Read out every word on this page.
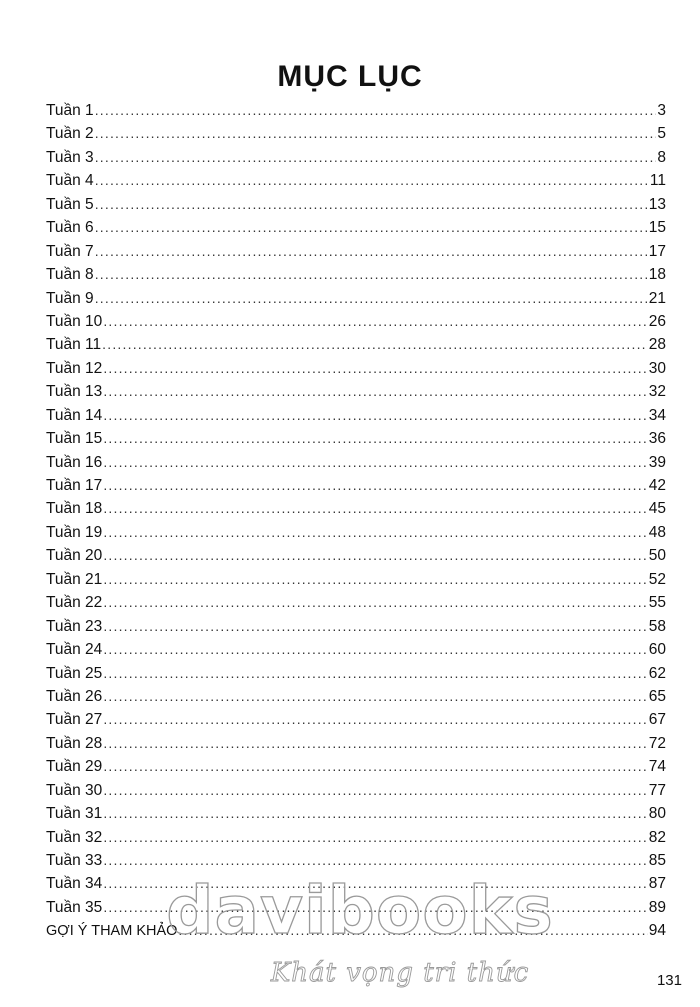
MỤC LỤC
Tuần 1 .....	3
Tuần 2 .....	5
Tuần 3 .....	8
Tuần 4 .....	11
Tuần 5 .....	13
Tuần 6 .....	15
Tuần 7 .....	17
Tuần 8 .....	18
Tuần 9 .....	21
Tuần 10 .....	26
Tuần 11 .....	28
Tuần 12 .....	30
Tuần 13 .....	32
Tuần 14 .....	34
Tuần 15 .....	36
Tuần 16 .....	39
Tuần 17 .....	42
Tuần 18 .....	45
Tuần 19 .....	48
Tuần 20 .....	50
Tuần 21 .....	52
Tuần 22 .....	55
Tuần 23 .....	58
Tuần 24 .....	60
Tuần 25 .....	62
Tuần 26 .....	65
Tuần 27 .....	67
Tuần 28 .....	72
Tuần 29 .....	74
Tuần 30 .....	77
Tuần 31 .....	80
Tuần 32 .....	82
Tuần 33 .....	85
Tuần 34 .....	87
Tuần 35 .....	89
GỢI Ý THAM KHẢO .....	94
davibooks
Khát vọng tri thức	131
